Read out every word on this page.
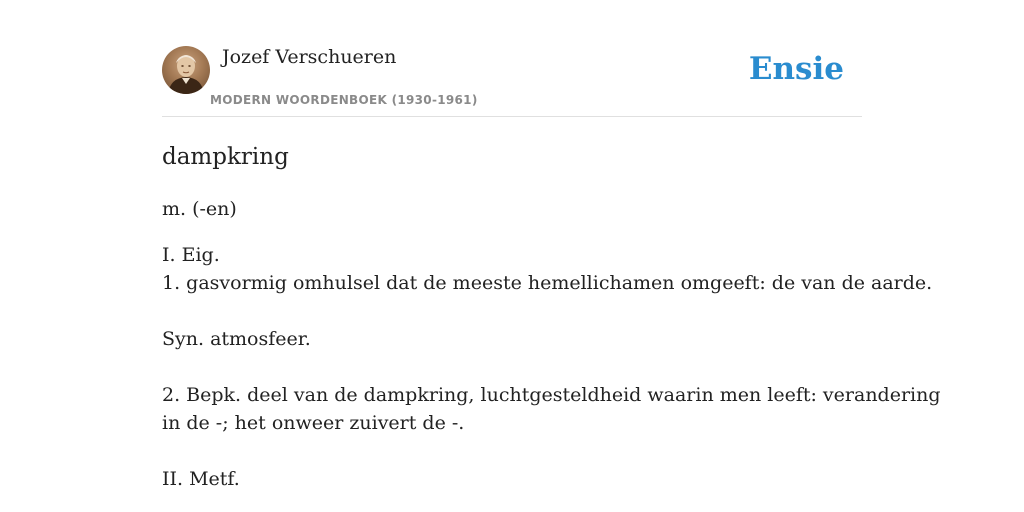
Jozef Verschueren
MODERN WOORDENBOEK (1930-1961)
Ensie
dampkring
m. (-en)
I. Eig.
1. gasvormig omhulsel dat de meeste hemellichamen omgeeft: de van de aarde.
Syn. atmosfeer.
2. Bepk. deel van de dampkring, luchtgesteldheid waarin men leeft: verandering
in de -; het onweer zuivert de -.
II. Metf.
